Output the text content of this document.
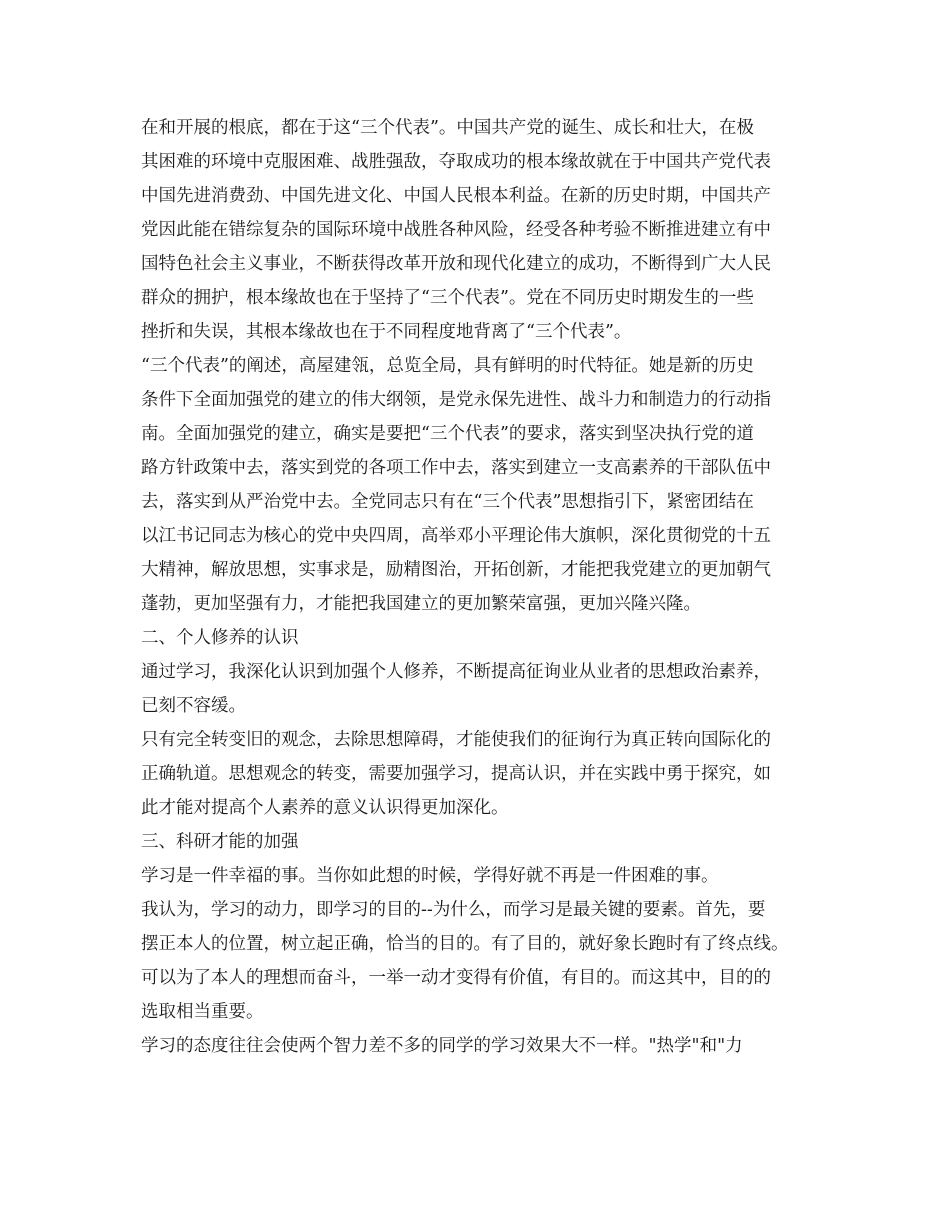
在和开展的根底，都在于这“三个代表”。中国共产党的诞生、成长和壮大，在极
其困难的环境中克服困难、战胜强敌，夺取成功的根本缘故就在于中国共产党代表
中国先进消费劲、中国先进文化、中国人民根本利益。在新的历史时期，中国共产
党因此能在错综复杂的国际环境中战胜各种风险，经受各种考验不断推进建立有中
国特色社会主义事业，不断获得改革开放和现代化建立的成功，不断得到广大人民
群众的拥护，根本缘故也在于坚持了“三个代表”。党在不同历史时期发生的一些
挫折和失误，其根本缘故也在于不同程度地背离了“三个代表”。
“三个代表”的阐述，高屋建瓴，总览全局，具有鲜明的时代特征。她是新的历史
条件下全面加强党的建立的伟大纲领，是党永保先进性、战斗力和制造力的行动指
南。全面加强党的建立，确实是要把“三个代表”的要求，落实到坚决执行党的道
路方针政策中去，落实到党的各项工作中去，落实到建立一支高素养的干部队伍中
去，落实到从严治党中去。全党同志只有在“三个代表”思想指引下，紧密团结在
以江书记同志为核心的党中央四周，高举邓小平理论伟大旗帜，深化贯彻党的十五
大精神，解放思想，实事求是，励精图治，开拓创新，才能把我党建立的更加朝气
蓬勃，更加坚强有力，才能把我国建立的更加繁荣富强，更加兴隆兴隆。
二、个人修养的认识
通过学习，我深化认识到加强个人修养，不断提高征询业从业者的思想政治素养，
已刻不容缓。
只有完全转变旧的观念，去除思想障碍，才能使我们的征询行为真正转向国际化的
正确轨道。思想观念的转变，需要加强学习，提高认识，并在实践中勇于探究，如
此才能对提高个人素养的意义认识得更加深化。
三、科研才能的加强
学习是一件幸福的事。当你如此想的时候，学得好就不再是一件困难的事。
我认为，学习的动力，即学习的目的--为什么，而学习是最关键的要素。首先，要
摆正本人的位置，树立起正确，恰当的目的。有了目的，就好象长跑时有了终点线。
可以为了本人的理想而奋斗，一举一动才变得有价值，有目的。而这其中，目的的
选取相当重要。
学习的态度往往会使两个智力差不多的同学的学习效果大不一样。"热学"和"力
